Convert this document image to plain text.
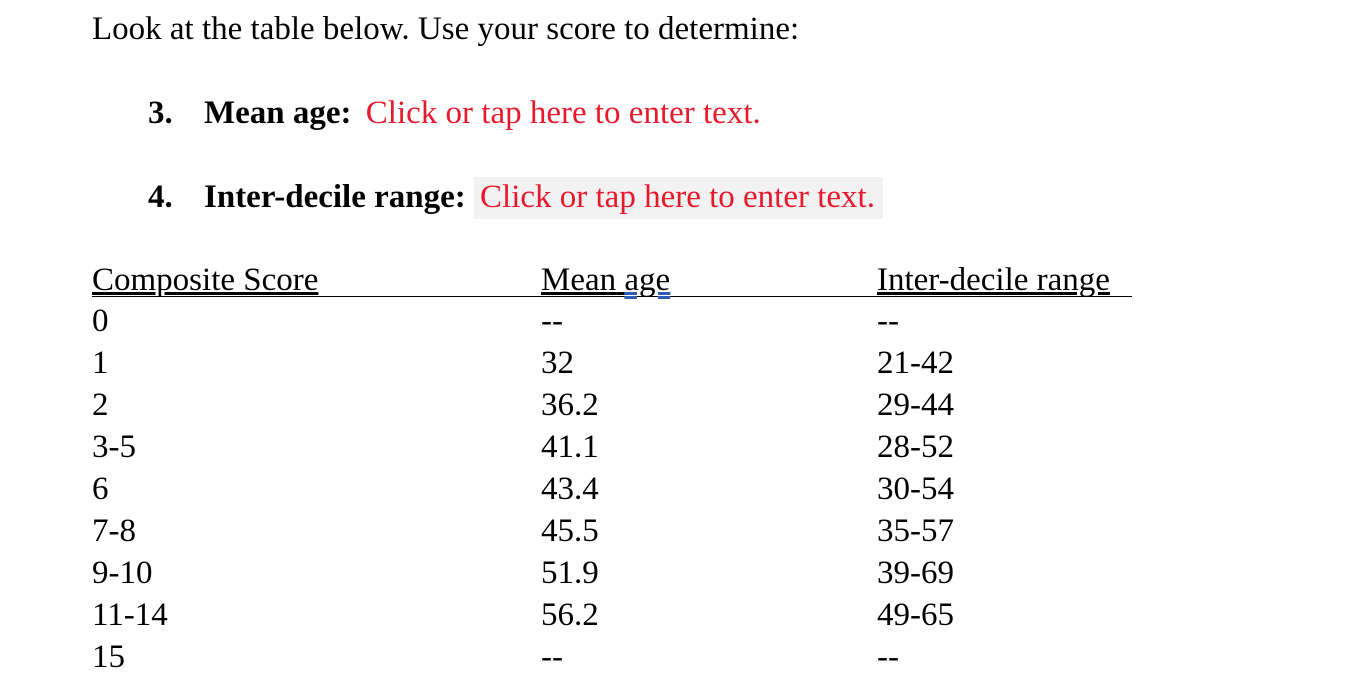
Look at the table below. Use your score to determine:
3. Mean age: Click or tap here to enter text.
4. Inter-decile range: Click or tap here to enter text.
Composite Score	Mean age	Inter-decile range
0	--	--
1	32	21-42
2	36.2	29-44
3-5	41.1	28-52
6	43.4	30-54
7-8	45.5	35-57
9-10	51.9	39-69
11-14	56.2	49-65
15	--	--
